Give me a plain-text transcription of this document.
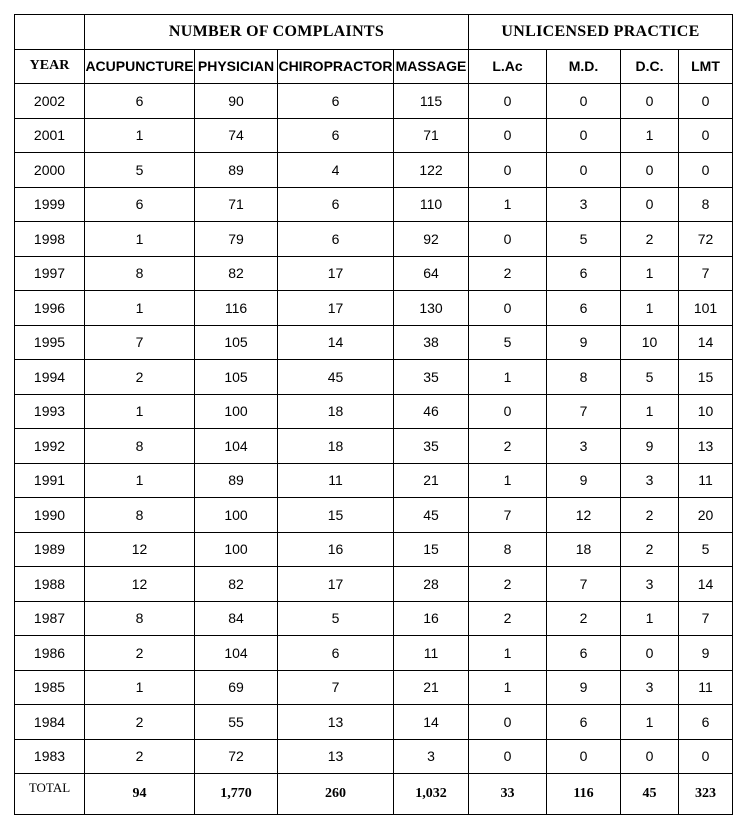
	NUMBER OF COMPLAINTS				UNLICENSED PRACTICE			
YEAR	ACUPUNCTURE	PHYSICIAN	CHIROPRACTOR	MASSAGE	L.Ac	M.D.	D.C.	LMT
2002	6	90	6	115	0	0	0	0
2001	1	74	6	71	0	0	1	0
2000	5	89	4	122	0	0	0	0
1999	6	71	6	110	1	3	0	8
1998	1	79	6	92	0	5	2	72
1997	8	82	17	64	2	6	1	7
1996	1	116	17	130	0	6	1	101
1995	7	105	14	38	5	9	10	14
1994	2	105	45	35	1	8	5	15
1993	1	100	18	46	0	7	1	10
1992	8	104	18	35	2	3	9	13
1991	1	89	11	21	1	9	3	11
1990	8	100	15	45	7	12	2	20
1989	12	100	16	15	8	18	2	5
1988	12	82	17	28	2	7	3	14
1987	8	84	5	16	2	2	1	7
1986	2	104	6	11	1	6	0	9
1985	1	69	7	21	1	9	3	11
1984	2	55	13	14	0	6	1	6
1983	2	72	13	3	0	0	0	0
TOTAL	94	1,770	260	1,032	33	116	45	323
